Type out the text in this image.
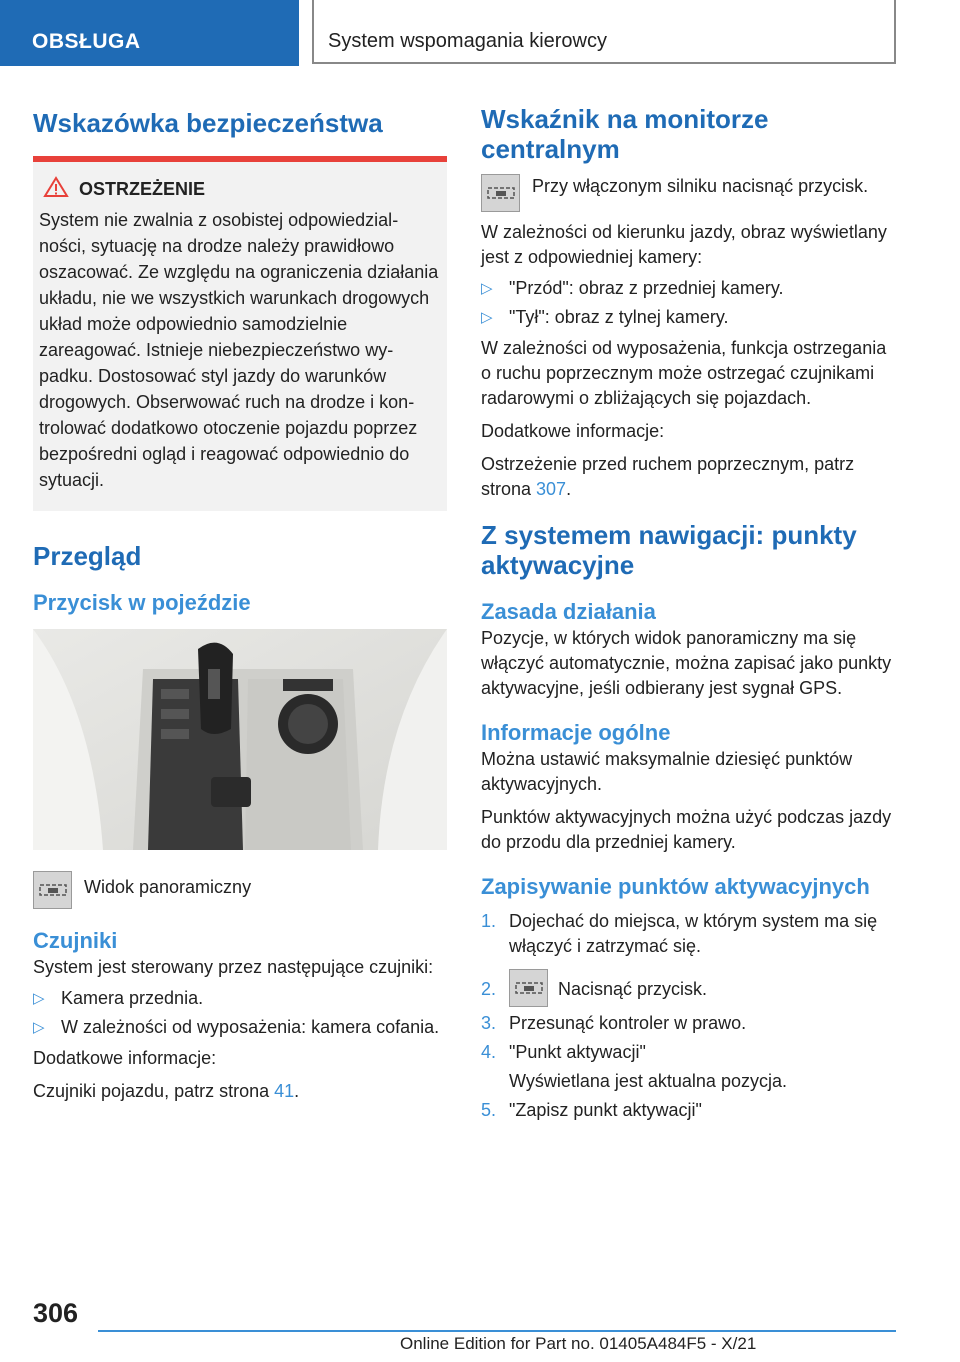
OBSŁUGA	System wspomagania kierowcy
Wskazówka bezpieczeństwa
OSTRZEŻENIE

System nie zwalnia z osobistej odpowiedzialności, sytuację na drodze należy prawidłowo oszacować. Ze względu na ograniczenia działania układu, nie we wszystkich warunkach drogowych układ może odpowiednio samodzielnie zareagować. Istnieje niebezpieczeństwo wypadku. Dostosować styl jazdy do warunków drogowych. Obserwować ruch na drodze i kontrolować dodatkowo otoczenie pojazdu poprzez bezpośredni ogląd i reagować odpowiednio do sytuacji.

Przegląd
Przycisk w pojeździe

Widok panoramiczny

Czujniki

System jest sterowany przez następujące czujniki:

▷ Kamera przednia.
▷ W zależności od wyposażenia: kamera cofania.

Dodatkowe informacje:

Czujniki pojazdu, patrz strona 41.

Wskaźnik na monitorze centralnym

Przy włączonym silniku nacisnąć przycisk.

W zależności od kierunku jazdy, obraz wyświetlany jest z odpowiedniej kamery:

▷ "Przód": obraz z przedniej kamery.
▷ "Tył": obraz z tylnej kamery.

W zależności od wyposażenia, funkcja ostrzegania o ruchu poprzecznym może ostrzegać czujnikami radarowymi o zbliżających się pojazdach.

Dodatkowe informacje:

Ostrzeżenie przed ruchem poprzecznym, patrz strona 307.

Z systemem nawigacji: punkty aktywacyjne
Zasada działania

Pozycje, w których widok panoramiczny ma się włączyć automatycznie, można zapisać jako punkty aktywacyjne, jeśli odbierany jest sygnał GPS.

Informacje ogólne

Można ustawić maksymalnie dziesięć punktów aktywacyjnych.

Punktów aktywacyjnych można użyć podczas jazdy do przodu dla przedniej kamery.

Zapisywanie punktów aktywacyjnych
1. Dojechać do miejsca, w którym system ma się włączyć i zatrzymać się.
2.	Nacisnąć przycisk.
3. Przesunąć kontroler w prawo.
4. "Punkt aktywacji"
Wyświetlana jest aktualna pozycja.
5. "Zapisz punkt aktywacji"
306
Online Edition for Part no. 01405A484F5 - X/21
